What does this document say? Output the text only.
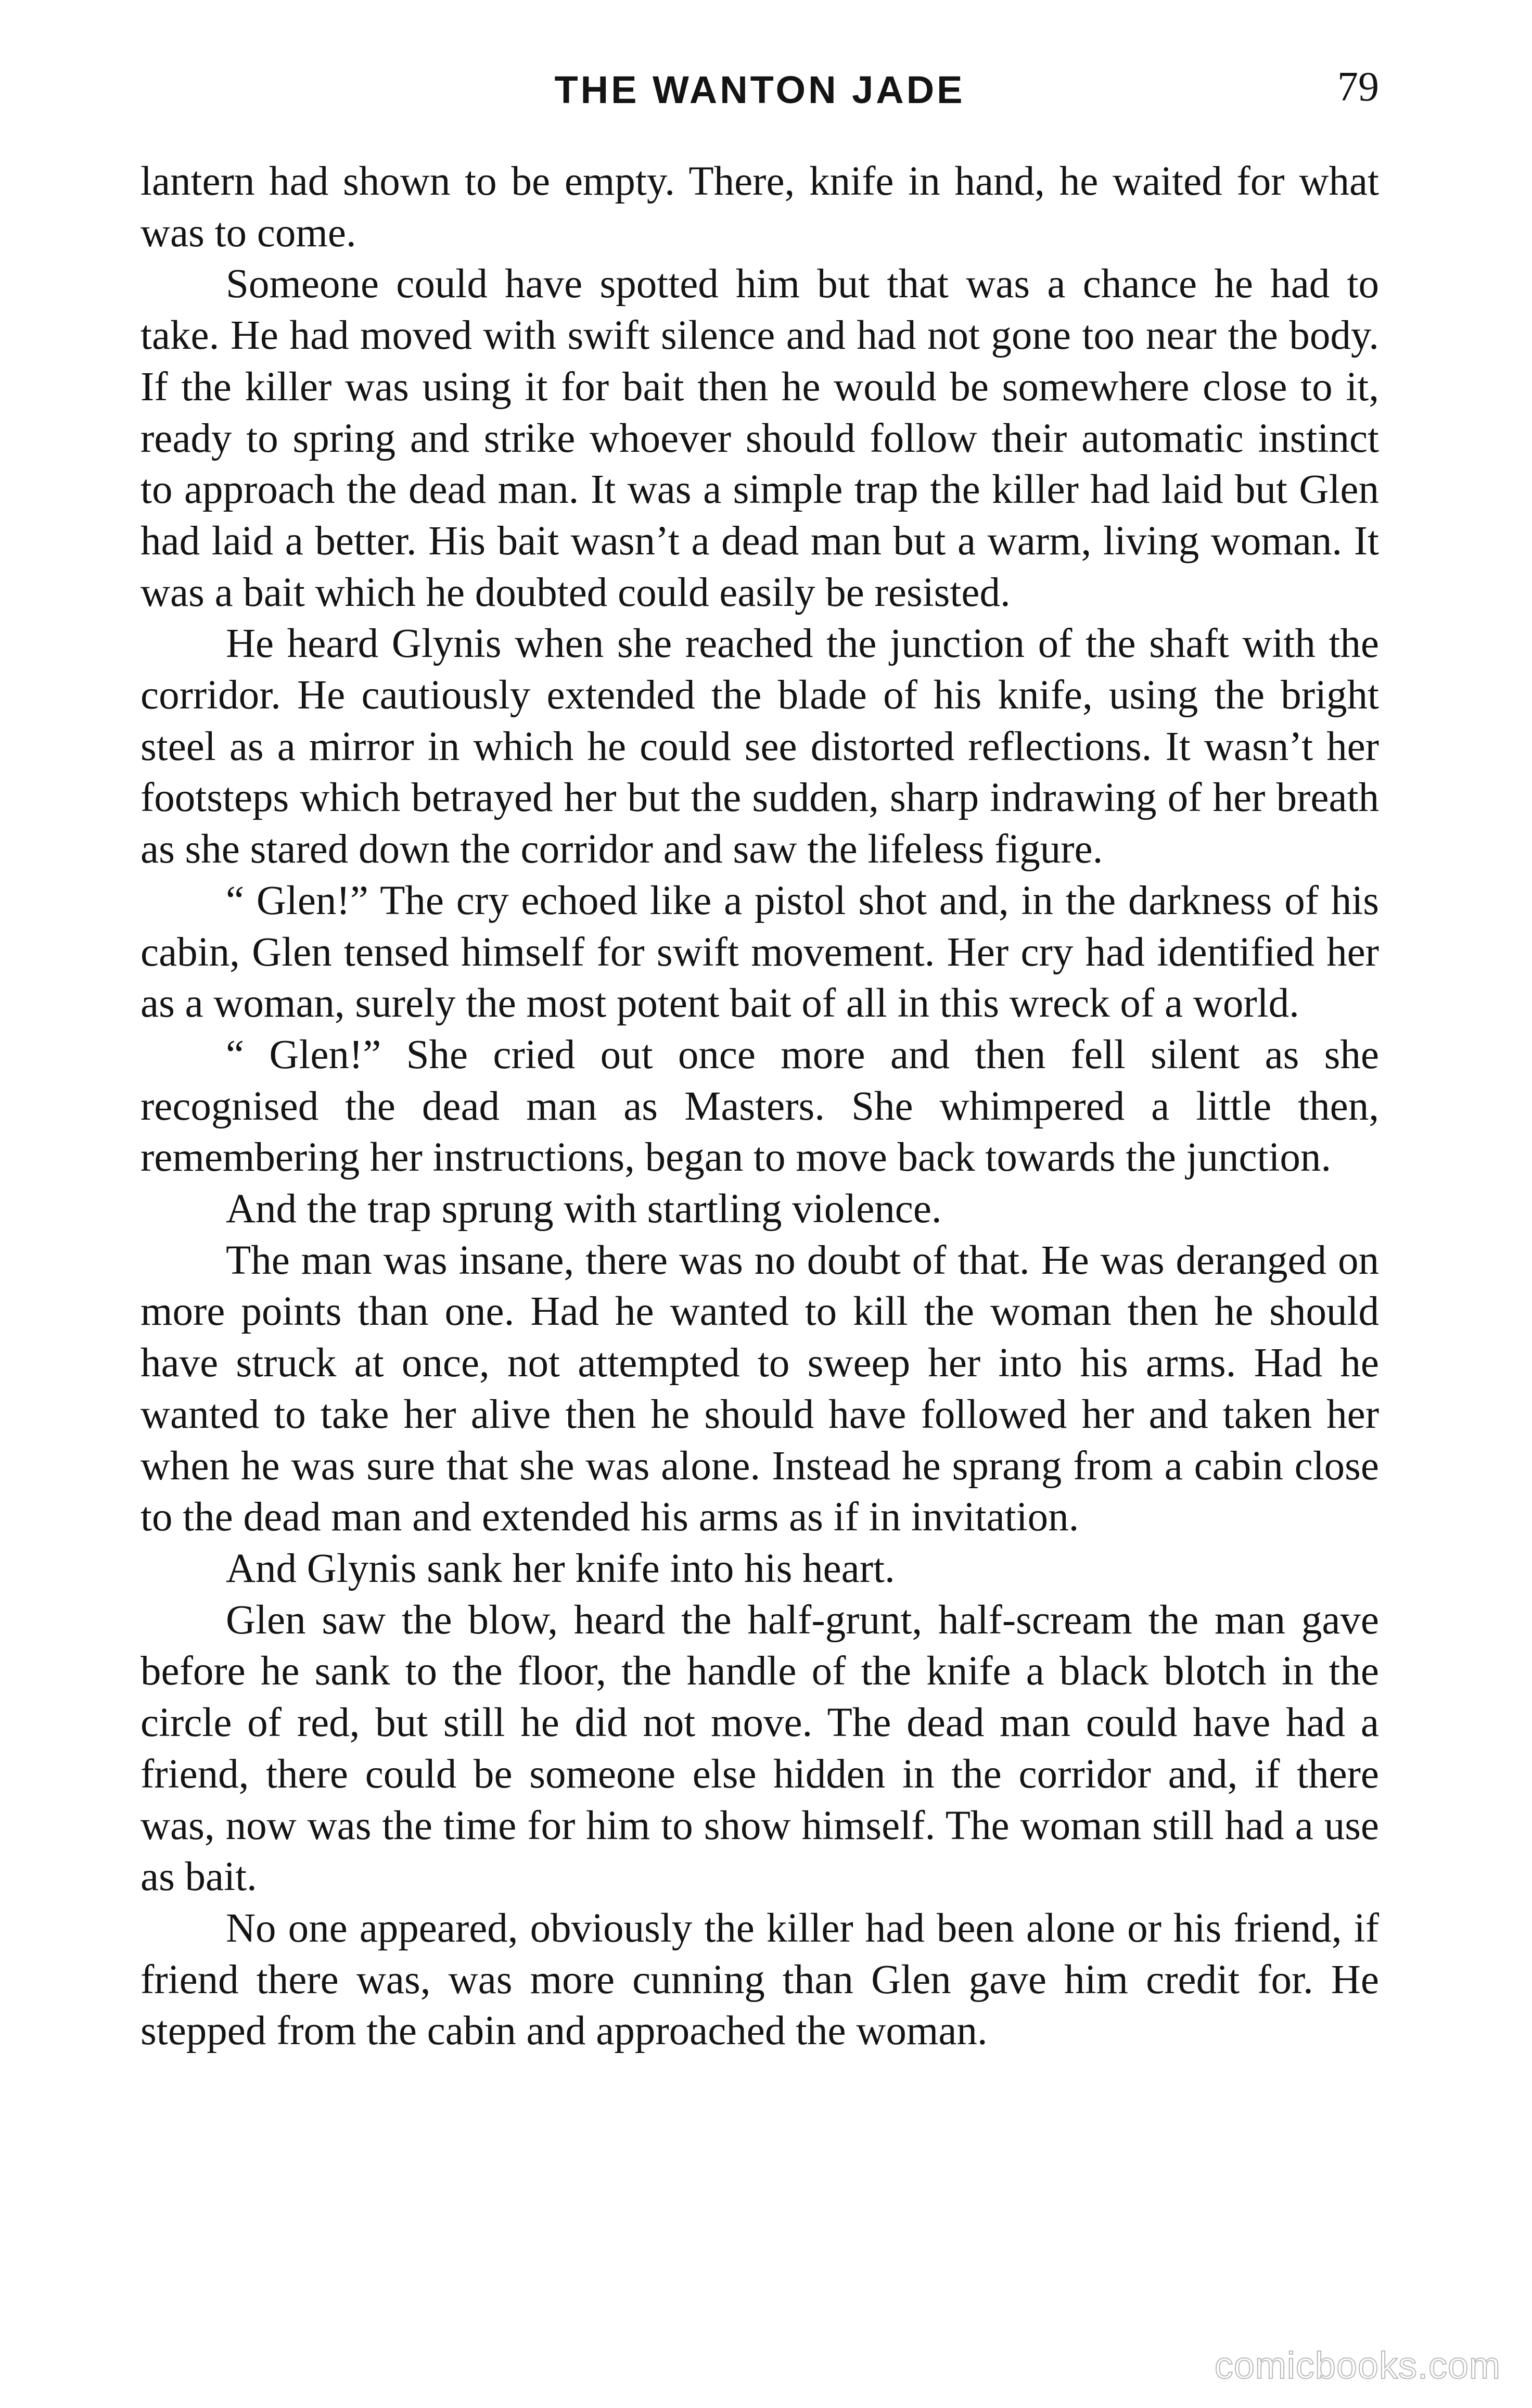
THE WANTON JADE	79

lantern had shown to be empty. There, knife in hand, he waited for what was to come.

Someone could have spotted him but that was a chance he had to take. He had moved with swift silence and had not gone too near the body. If the killer was using it for bait then he would be somewhere close to it, ready to spring and strike whoever should follow their automatic instinct to approach the dead man. It was a simple trap the killer had laid but Glen had laid a better. His bait wasn’t a dead man but a warm, living woman. It was a bait which he doubted could easily be resisted.

He heard Glynis when she reached the junction of the shaft with the corridor. He cautiously extended the blade of his knife, using the bright steel as a mirror in which he could see distorted reflections. It wasn’t her footsteps which betrayed her but the sudden, sharp indrawing of her breath as she stared down the corridor and saw the lifeless figure.

“ Glen!” The cry echoed like a pistol shot and, in the darkness of his cabin, Glen tensed himself for swift movement. Her cry had identified her as a woman, surely the most potent bait of all in this wreck of a world.

“ Glen!” She cried out once more and then fell silent as she recognised the dead man as Masters. She whimpered a little then, remembering her instructions, began to move back towards the junction.

And the trap sprung with startling violence.

The man was insane, there was no doubt of that. He was deranged on more points than one. Had he wanted to kill the woman then he should have struck at once, not attempted to sweep her into his arms. Had he wanted to take her alive then he should have followed her and taken her when he was sure that she was alone. Instead he sprang from a cabin close to the dead man and extended his arms as if in invitation.

And Glynis sank her knife into his heart.

Glen saw the blow, heard the half-grunt, half-scream the man gave before he sank to the floor, the handle of the knife a black blotch in the circle of red, but still he did not move. The dead man could have had a friend, there could be someone else hidden in the corridor and, if there was, now was the time for him to show himself. The woman still had a use as bait.

No one appeared, obviously the killer had been alone or his friend, if friend there was, was more cunning than Glen gave him credit for. He stepped from the cabin and approached the woman.

comicbooks.com
